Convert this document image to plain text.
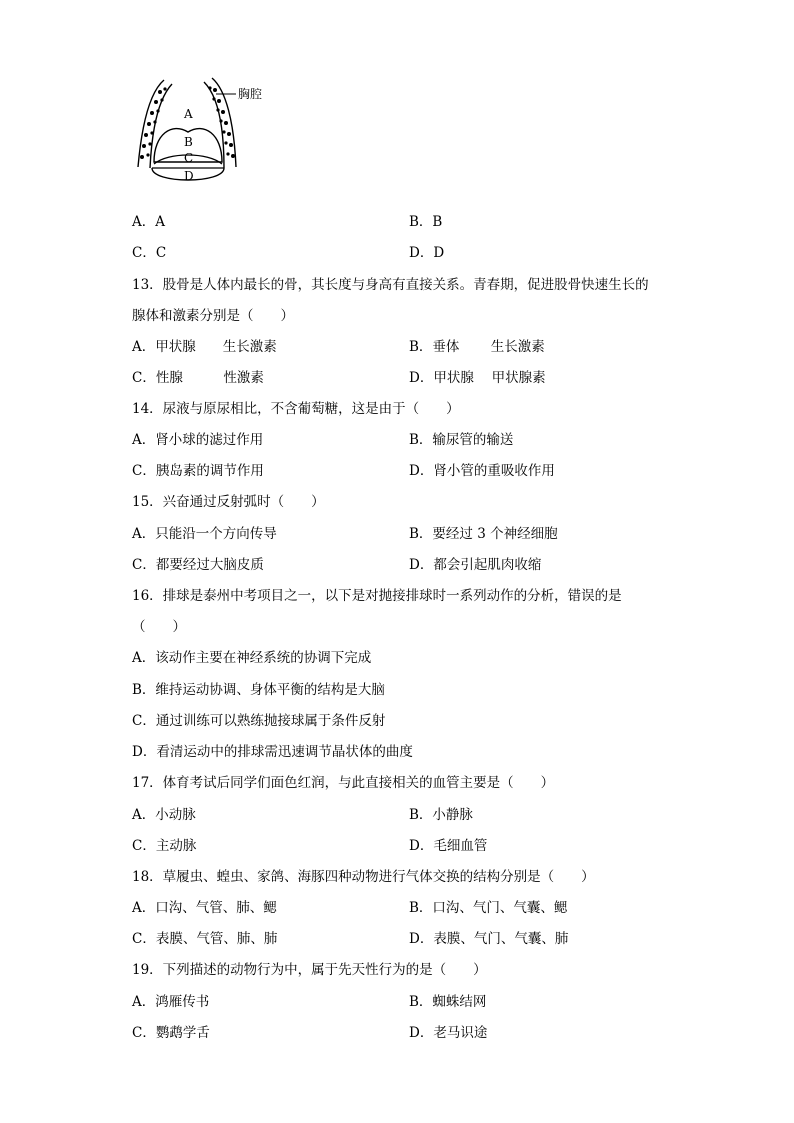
胸腔
A
B
C
D
A．A	B．B
C．C	D．D
13．股骨是人体内最长的骨，其长度与身高有直接关系。青春期，促进股骨快速生长的
腺体和激素分别是（　　）
A．甲状腺　　生长激素	B．垂体　　 生长激素
C．性腺　　　性激素	D．甲状腺　 甲状腺素
14．尿液与原尿相比，不含葡萄糖，这是由于（　　）
A．肾小球的滤过作用	B．输尿管的输送
C．胰岛素的调节作用	D．肾小管的重吸收作用
15．兴奋通过反射弧时（　　）
A．只能沿一个方向传导	B．要经过 3 个神经细胞
C．都要经过大脑皮质	D．都会引起肌肉收缩
16．排球是泰州中考项目之一，以下是对抛接排球时一系列动作的分析，错误的是
（　　）
A．该动作主要在神经系统的协调下完成
B．维持运动协调、身体平衡的结构是大脑
C．通过训练可以熟练抛接球属于条件反射
D．看清运动中的排球需迅速调节晶状体的曲度
17．体育考试后同学们面色红润，与此直接相关的血管主要是（　　）
A．小动脉	B．小静脉
C．主动脉	D．毛细血管
18．草履虫、蝗虫、家鸽、海豚四种动物进行气体交换的结构分别是（　　）
A．口沟、气管、肺、鳃	B．口沟、气门、气囊、鳃
C．表膜、气管、肺、肺	D．表膜、气门、气囊、肺
19．下列描述的动物行为中，属于先天性行为的是（　　）
A．鸿雁传书	B．蜘蛛结网
C．鹦鹉学舌	D．老马识途
